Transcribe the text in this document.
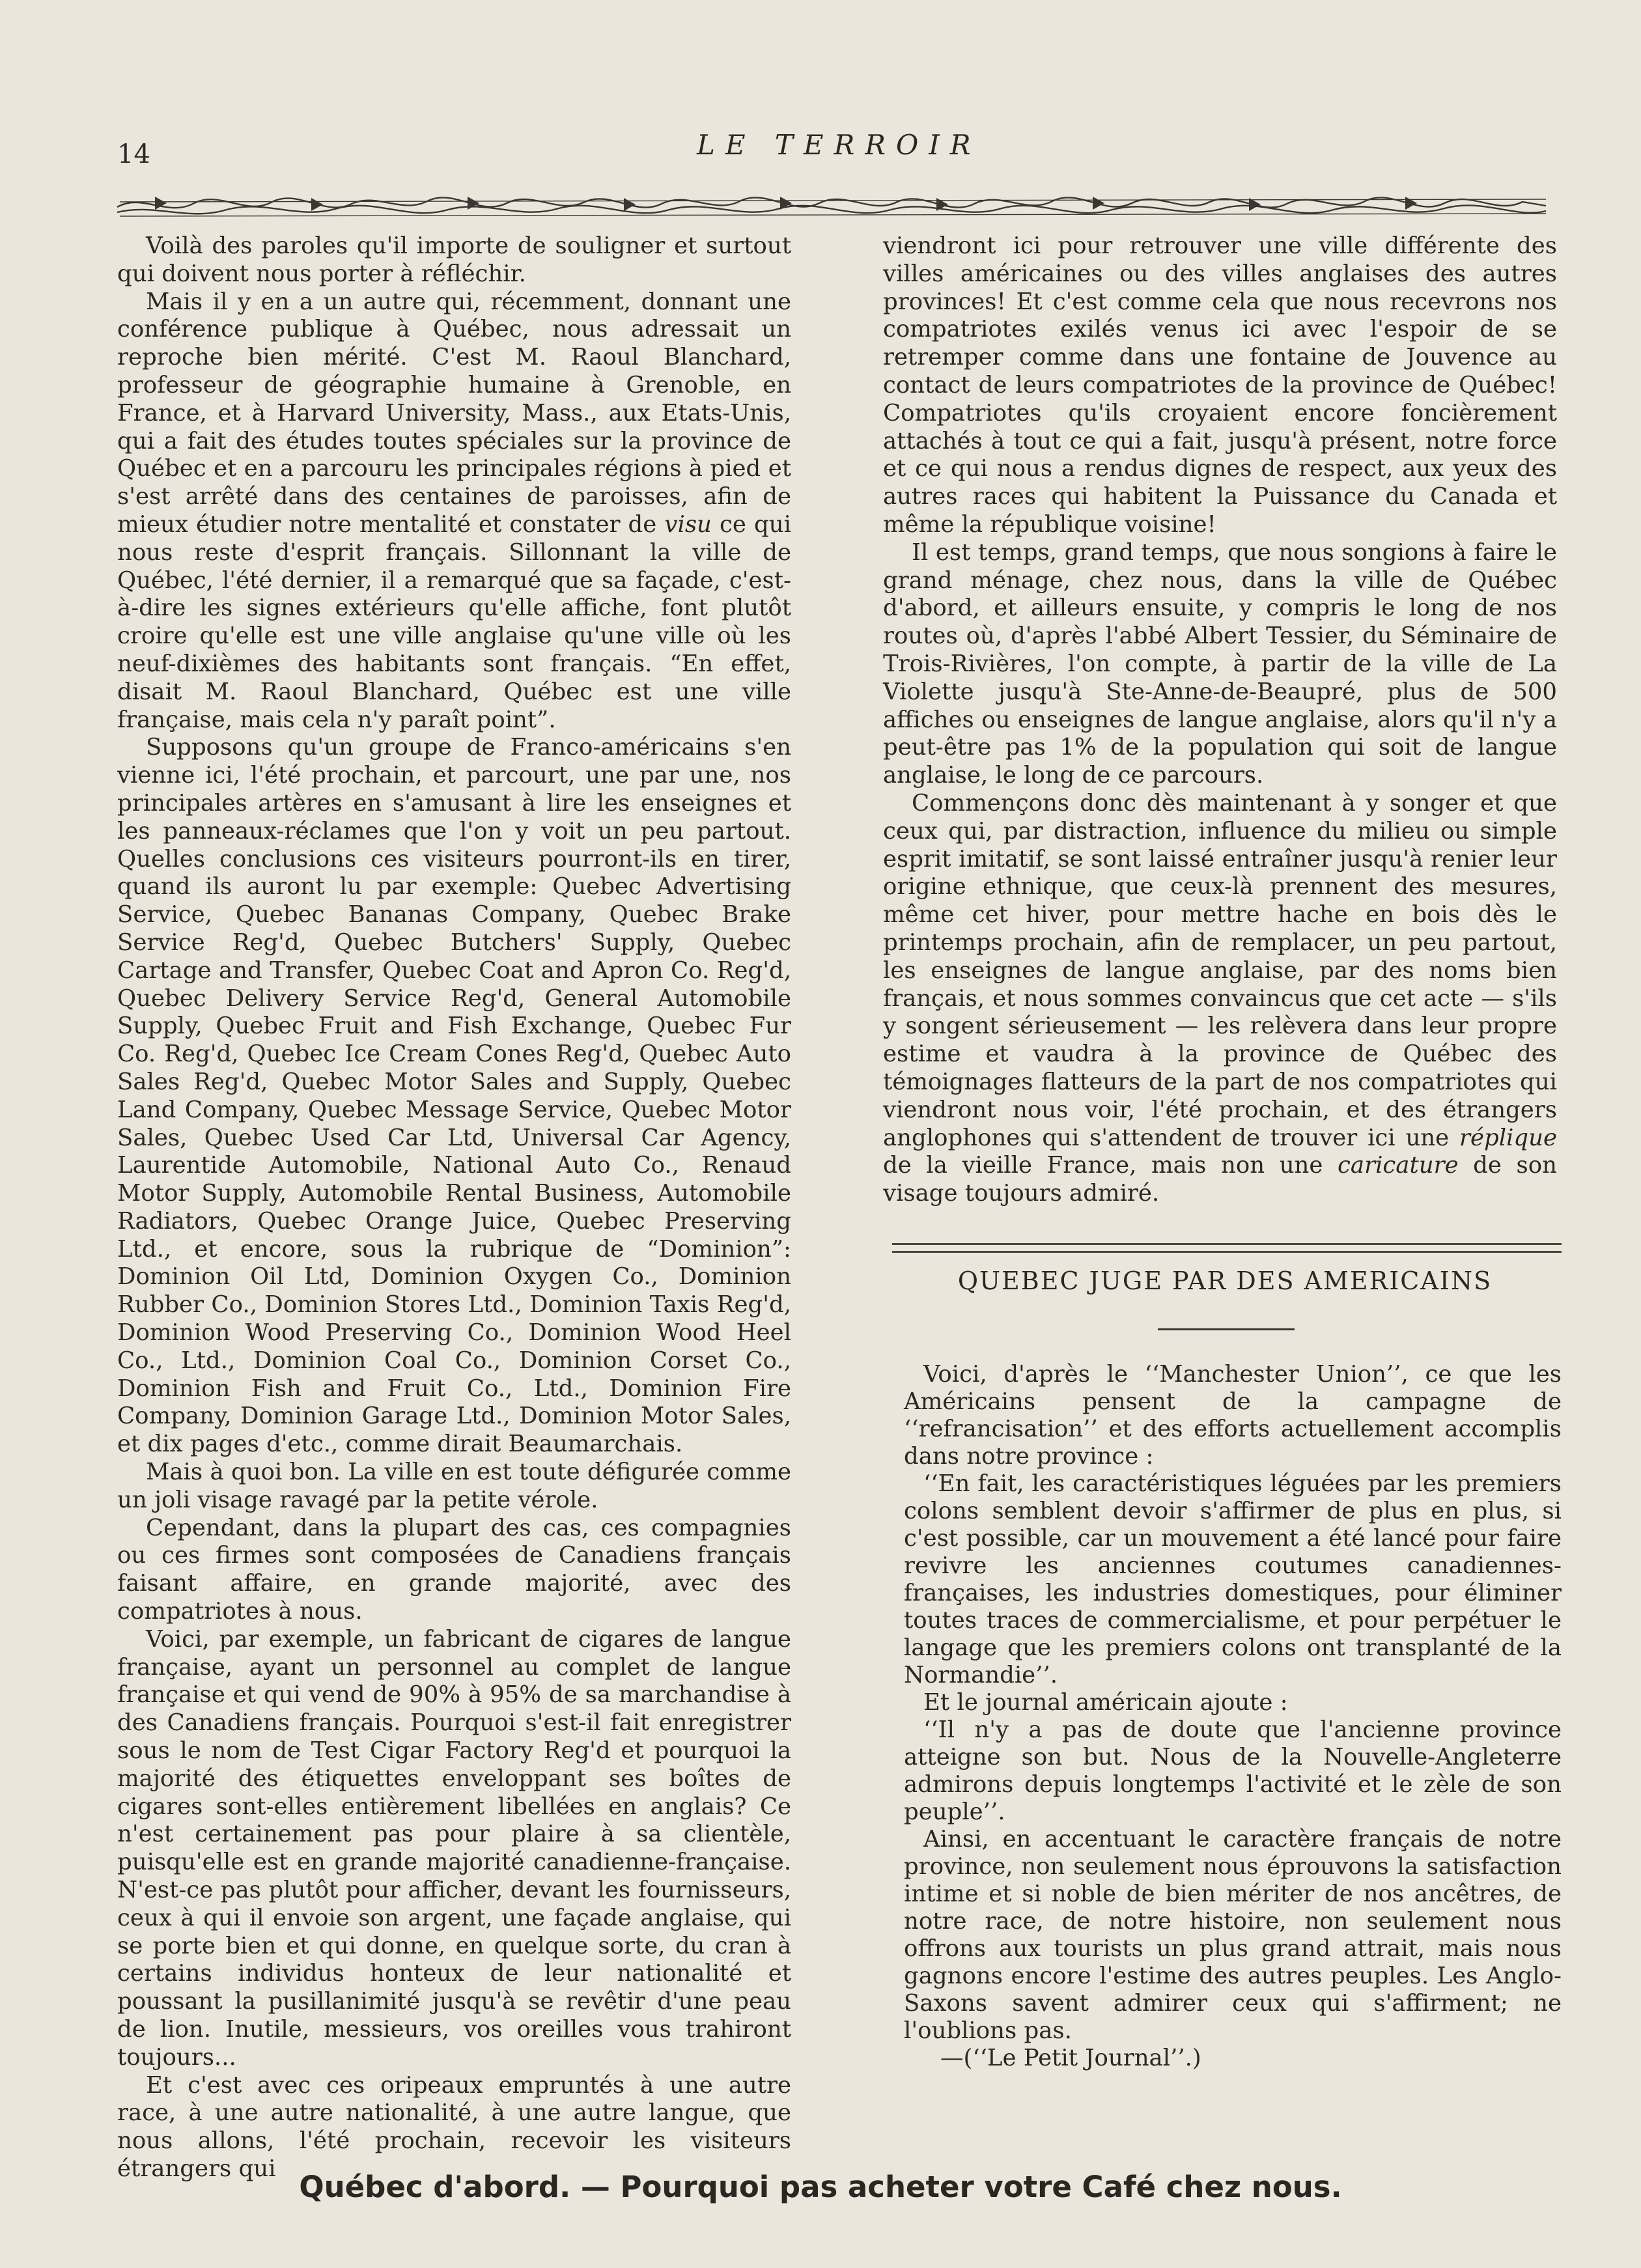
14	LE TERROIR

Voilà des paroles qu'il importe de souligner et surtout qui doivent nous porter à réfléchir.

Mais il y en a un autre qui, récemment, donnant une conférence publique à Québec, nous adressait un reproche bien mérité. C'est M. Raoul Blanchard, professeur de géographie humaine à Grenoble, en France, et à Harvard University, Mass., aux Etats-Unis, qui a fait des études toutes spéciales sur la province de Québec et en a parcouru les principales régions à pied et s'est arrêté dans des centaines de paroisses, afin de mieux étudier notre mentalité et constater de visu ce qui nous reste d'esprit français. Sillonnant la ville de Québec, l'été dernier, il a remarqué que sa façade, c'est-à-dire les signes extérieurs qu'elle affiche, font plutôt croire qu'elle est une ville anglaise qu'une ville où les neuf-dixièmes des habitants sont français. “En effet, disait M. Raoul Blanchard, Québec est une ville française, mais cela n'y paraît point”.

Supposons qu'un groupe de Franco-américains s'en vienne ici, l'été prochain, et parcourt, une par une, nos principales artères en s'amusant à lire les enseignes et les panneaux-réclames que l'on y voit un peu partout. Quelles conclusions ces visiteurs pourront-ils en tirer, quand ils auront lu par exemple: Quebec Advertising Service, Quebec Bananas Company, Quebec Brake Service Reg'd, Quebec Butchers' Supply, Quebec Cartage and Transfer, Quebec Coat and Apron Co. Reg'd, Quebec Delivery Service Reg'd, General Automobile Supply, Quebec Fruit and Fish Exchange, Quebec Fur Co. Reg'd, Quebec Ice Cream Cones Reg'd, Quebec Auto Sales Reg'd, Quebec Motor Sales and Supply, Quebec Land Company, Quebec Message Service, Quebec Motor Sales, Quebec Used Car Ltd, Universal Car Agency, Laurentide Automobile, National Auto Co., Renaud Motor Supply, Automobile Rental Business, Automobile Radiators, Quebec Orange Juice, Quebec Preserving Ltd., et encore, sous la rubrique de “Dominion”: Dominion Oil Ltd, Dominion Oxygen Co., Dominion Rubber Co., Dominion Stores Ltd., Dominion Taxis Reg'd, Dominion Wood Preserving Co., Dominion Wood Heel Co., Ltd., Dominion Coal Co., Dominion Corset Co., Dominion Fish and Fruit Co., Ltd., Dominion Fire Company, Dominion Garage Ltd., Dominion Motor Sales, et dix pages d'etc., comme dirait Beaumarchais.

Mais à quoi bon. La ville en est toute défigurée comme un joli visage ravagé par la petite vérole.

Cependant, dans la plupart des cas, ces compagnies ou ces firmes sont composées de Canadiens français faisant affaire, en grande majorité, avec des compatriotes à nous.

Voici, par exemple, un fabricant de cigares de langue française, ayant un personnel au complet de langue française et qui vend de 90% à 95% de sa marchandise à des Canadiens français. Pourquoi s'est-il fait enregistrer sous le nom de Test Cigar Factory Reg'd et pourquoi la majorité des étiquettes enveloppant ses boîtes de cigares sont-elles entièrement libellées en anglais? Ce n'est certainement pas pour plaire à sa clientèle, puisqu'elle est en grande majorité canadienne-française. N'est-ce pas plutôt pour afficher, devant les fournisseurs, ceux à qui il envoie son argent, une façade anglaise, qui se porte bien et qui donne, en quelque sorte, du cran à certains individus honteux de leur nationalité et poussant la pusillanimité jusqu'à se revêtir d'une peau de lion. Inutile, messieurs, vos oreilles vous trahiront toujours...

Et c'est avec ces oripeaux empruntés à une autre race, à une autre nationalité, à une autre langue, que nous allons, l'été prochain, recevoir les visiteurs étrangers qui

viendront ici pour retrouver une ville différente des villes américaines ou des villes anglaises des autres provinces! Et c'est comme cela que nous recevrons nos compatriotes exilés venus ici avec l'espoir de se retremper comme dans une fontaine de Jouvence au contact de leurs compatriotes de la province de Québec! Compatriotes qu'ils croyaient encore foncièrement attachés à tout ce qui a fait, jusqu'à présent, notre force et ce qui nous a rendus dignes de respect, aux yeux des autres races qui habitent la Puissance du Canada et même la république voisine!

Il est temps, grand temps, que nous songions à faire le grand ménage, chez nous, dans la ville de Québec d'abord, et ailleurs ensuite, y compris le long de nos routes où, d'après l'abbé Albert Tessier, du Séminaire de Trois-Rivières, l'on compte, à partir de la ville de La Violette jusqu'à Ste-Anne-de-Beaupré, plus de 500 affiches ou enseignes de langue anglaise, alors qu'il n'y a peut-être pas 1% de la population qui soit de langue anglaise, le long de ce parcours.

Commençons donc dès maintenant à y songer et que ceux qui, par distraction, influence du milieu ou simple esprit imitatif, se sont laissé entraîner jusqu'à renier leur origine ethnique, que ceux-là prennent des mesures, même cet hiver, pour mettre hache en bois dès le printemps prochain, afin de remplacer, un peu partout, les enseignes de langue anglaise, par des noms bien français, et nous sommes convaincus que cet acte — s'ils y songent sérieusement — les relèvera dans leur propre estime et vaudra à la province de Québec des témoignages flatteurs de la part de nos compatriotes qui viendront nous voir, l'été prochain, et des étrangers anglophones qui s'attendent de trouver ici une réplique de la vieille France, mais non une caricature de son visage toujours admiré.

QUEBEC JUGE PAR DES AMERICAINS

Voici, d'après le ‘‘Manchester Union’’, ce que les Américains pensent de la campagne de ‘‘refrancisation’’ et des efforts actuellement accomplis dans notre province :

‘‘En fait, les caractéristiques léguées par les premiers colons semblent devoir s'affirmer de plus en plus, si c'est possible, car un mouvement a été lancé pour faire revivre les anciennes coutumes canadiennes-françaises, les industries domestiques, pour éliminer toutes traces de commercialisme, et pour perpétuer le langage que les premiers colons ont transplanté de la Normandie’’.

Et le journal américain ajoute :

‘‘Il n'y a pas de doute que l'ancienne province atteigne son but. Nous de la Nouvelle-Angleterre admirons depuis longtemps l'activité et le zèle de son peuple’’.

Ainsi, en accentuant le caractère français de notre province, non seulement nous éprouvons la satisfaction intime et si noble de bien mériter de nos ancêtres, de notre race, de notre histoire, non seulement nous offrons aux tourists un plus grand attrait, mais nous gagnons encore l'estime des autres peuples. Les Anglo-Saxons savent admirer ceux qui s'affirment; ne l'oublions pas.

—(‘‘Le Petit Journal’’.)

Québec d'abord. — Pourquoi pas acheter votre Café chez nous.
